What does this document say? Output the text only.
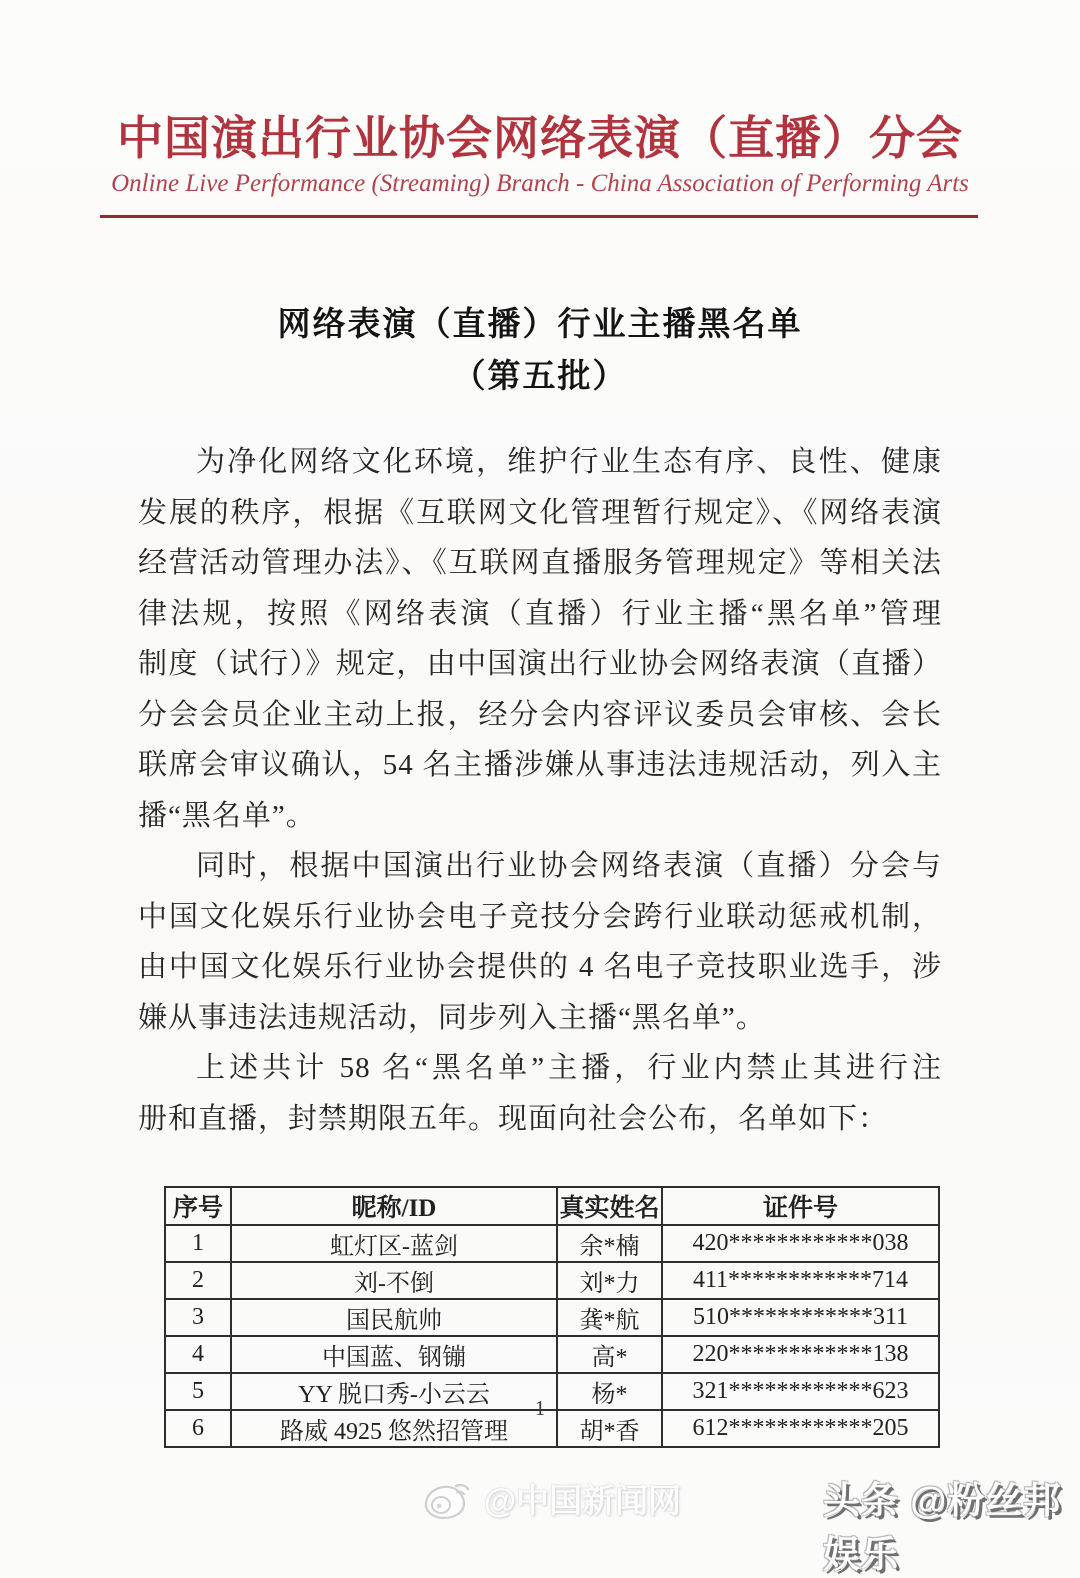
中国演出行业协会网络表演（直播）分会
Online Live Performance (Streaming) Branch - China Association of Performing Arts
网络表演（直播）行业主播黑名单
（第五批）
为净化网络文化环境，维护行业生态有序、良性、健康
发展的秩序，根据《互联网文化管理暂行规定》、《网络表演
经营活动管理办法》、《互联网直播服务管理规定》等相关法
律法规，按照《网络表演（直播）行业主播“黑名单”管理
制度（试行）》规定，由中国演出行业协会网络表演（直播）
分会会员企业主动上报，经分会内容评议委员会审核、会长
联席会审议确认，54 名主播涉嫌从事违法违规活动，列入主
播“黑名单”。
同时，根据中国演出行业协会网络表演（直播）分会与
中国文化娱乐行业协会电子竞技分会跨行业联动惩戒机制，
由中国文化娱乐行业协会提供的 4 名电子竞技职业选手，涉
嫌从事违法违规活动，同步列入主播“黑名单”。
上述共计 58 名“黑名单”主播，行业内禁止其进行注
册和直播，封禁期限五年。现面向社会公布，名单如下：
序号	昵称/ID	真实姓名	证件号
1	虹灯区-蓝剑	余*楠	420************038
2	刘-不倒	刘*力	411************714
3	国民航帅	龚*航	510************311
4	中国蓝、钢镚	高*	220************138
5	YY 脱口秀-小云云	杨*	321************623
6	路威 4925 悠然招管理	胡*香	612************205
1
@中国新闻网	头条 @粉丝邦娱乐
